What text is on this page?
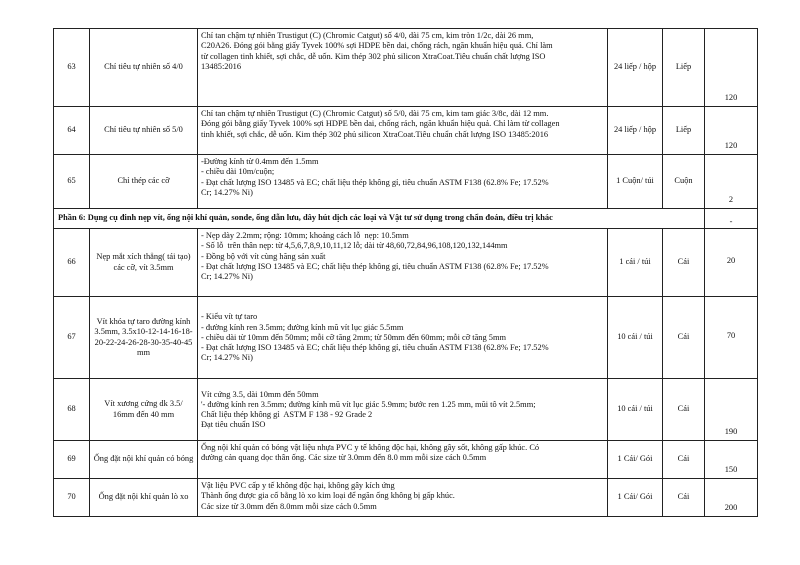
63	Chỉ tiêu tự nhiên số 4/0	Chỉ tan chậm tự nhiên Trustigut (C) (Chromic Catgut) số 4/0, dài 75 cm, kim tròn 1/2c, dài 26 mm,
C20A26. Đóng gói bằng giấy Tyvek 100% sợi HDPE bền dai, chống rách, ngăn khuẩn hiệu quả. Chỉ làm
từ collagen tinh khiết, sợi chắc, dễ uốn. Kim thép 302 phủ silicon XtraCoat.Tiêu chuẩn chất lượng ISO
13485:2016	24 liếp / hộp	Liếp	120
64	Chỉ tiêu tự nhiên số 5/0	Chỉ tan chậm tự nhiên Trustigut (C) (Chromic Catgut) số 5/0, dài 75 cm, kim tam giác 3/8c, dài 12 mm.
Đóng gói bằng giấy Tyvek 100% sợi HDPE bền dai, chống rách, ngăn khuẩn hiệu quả. Chỉ làm từ collagen
tinh khiết, sợi chắc, dễ uốn. Kim thép 302 phủ silicon XtraCoat.Tiêu chuẩn chất lượng ISO 13485:2016	24 liếp / hộp	Liếp	120
65	Chỉ thép các cỡ	-Đường kính từ 0.4mm đến 1.5mm
- chiều dài 10m/cuộn;
- Đạt chất lượng ISO 13485 và EC; chất liệu thép không gỉ, tiêu chuẩn ASTM F138 (62.8% Fe; 17.52%
Cr; 14.27% Ni)	1 Cuộn/ túi	Cuộn	2
Phần 6: Dụng cụ đinh nẹp vít, ống nội khí quản, sonde, ống dẫn lưu, dây hút dịch các loại và Vật tư sử dụng trong chẩn đoán, điều trị khác					-
66	Nẹp mắt xích thẳng( tái tạo) các cỡ, vít 3.5mm	- Nẹp dày 2.2mm; rộng: 10mm; khoảng cách lỗ  nẹp: 10.5mm
- Số lỗ  trên thân nẹp: từ 4,5,6,7,8,9,10,11,12 lỗ; dài từ 48,60,72,84,96,108,120,132,144mm
- Đồng bộ với vít cùng hãng sản xuất
- Đạt chất lượng ISO 13485 và EC; chất liệu thép không gỉ, tiêu chuẩn ASTM F138 (62.8% Fe; 17.52%
Cr; 14.27% Ni)	1 cái / túi	Cái	20
67	Vít khóa tự taro đường kính 3.5mm, 3.5x10-12-14-16-18-20-22-24-26-28-30-35-40-45 mm	- Kiểu vít tự taro
- đường kính ren 3.5mm; đường kính mũ vít lục giác 5.5mm
- chiều dài từ 10mm đến 50mm; mỗi cỡ tăng 2mm; từ 50mm đến 60mm; mỗi cỡ tăng 5mm
- Đạt chất lượng ISO 13485 và EC; chất liệu thép không gỉ, tiêu chuẩn ASTM F138 (62.8% Fe; 17.52%
Cr; 14.27% Ni)	10 cái / túi	Cái	70
68	Vít xương cứng dk 3.5/ 16mm đến 40 mm	Vít cứng 3.5, dài 10mm đến 50mm
'- đường kính ren 3.5mm; đường kính mũ vít lục giác 5.9mm; bước ren 1.25 mm, mũi tô vít 2.5mm;
Chất liệu thép không gỉ  ASTM F 138 - 92 Grade 2
Đạt tiêu chuẩn ISO	10 cái / túi	Cái	190
69	Ống đặt nội khí quản có bóng	Ống nội khí quản có bóng vật liệu nhựa PVC y tế không độc hại, không gây sốt, không gấp khúc. Có
đường cản quang dọc thân ống. Các size từ 3.0mm đến 8.0 mm mỗi size cách 0.5mm	1 Cái/ Gói	Cái	150
70	Ống đặt nội khí quản lò xo	Vật liệu PVC cấp y tế không độc hại, không gây kích ứng
Thành ống được gia cố bằng lò xo kim loại để ngăn ống không bị gấp khúc.
Các size từ 3.0mm đến 8.0mm mỗi size cách 0.5mm	1 Cái/ Gói	Cái	200
